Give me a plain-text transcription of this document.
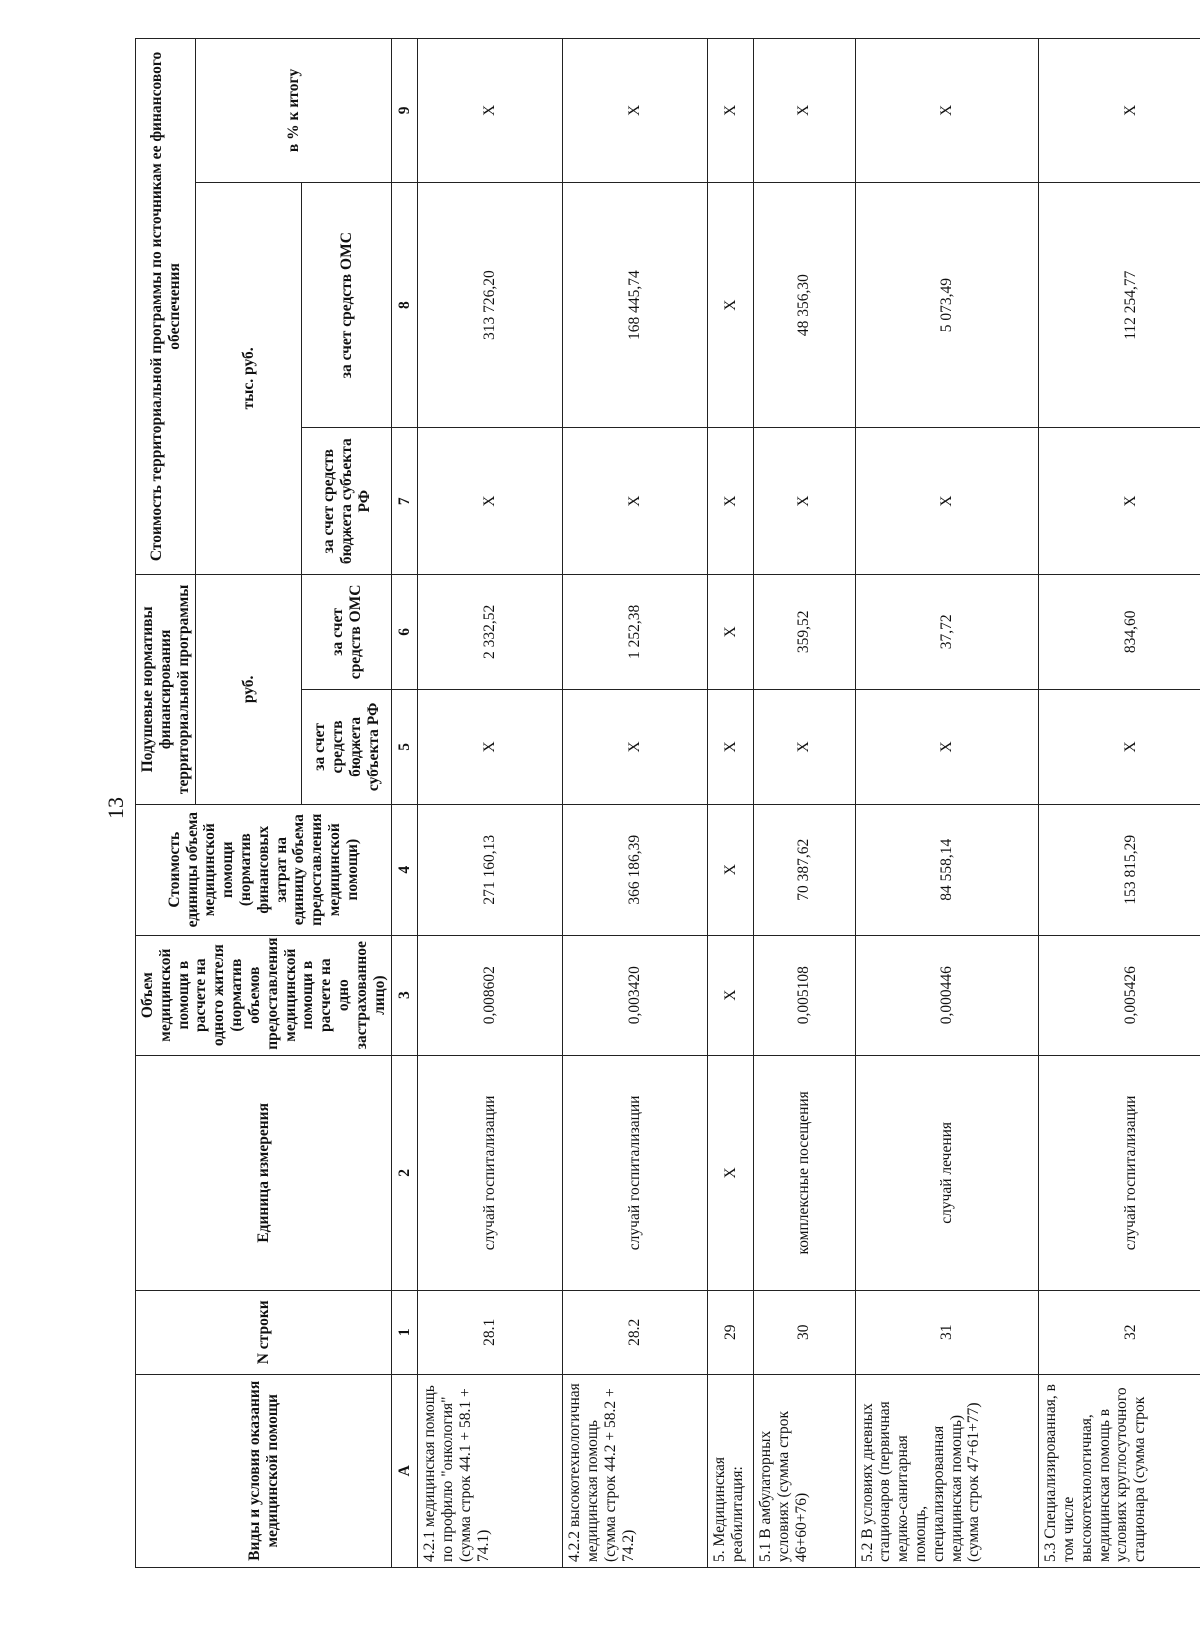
13
Виды и условия оказания медицинской помощи	N строки	Единица измерения	Объем медицинской помощи в расчете на одного жителя (норматив объемов предоставления медицинской помощи в расчете на одно застрахованное лицо)	Стоимость единицы объема медицинской помощи (норматив финансовых затрат на единицу объема предоставления медицинской помощи)	Подушевые нормативы финансирования территориальной программы		Стоимость территориальной программы по источникам ее финансового обеспечения		
					руб.		тыс. руб.		в % к итогу
					за счет средств бюджета субъекта РФ	за счет средств ОМС	за счет средств бюджета субъекта РФ	за счет средств ОМС	
А	1	2	3	4	5	6	7	8	9
4.2.1 медицинская помощь по профилю "онкология" (сумма строк 44.1 + 58.1 + 74.1)	28.1	случай госпитализации	0,008602	271 160,13	X	2 332,52	X	313 726,20	X
4.2.2 высокотехнологичная медицинская помощь (сумма строк 44.2 + 58.2 + 74.2)	28.2	случай госпитализации	0,003420	366 186,39	X	1 252,38	X	168 445,74	X
5. Медицинская реабилитация:	29	X	X	X	X	X	X	X	X
5.1 В амбулаторных условиях (сумма строк 46+60+76)	30	комплексные посещения	0,005108	70 387,62	X	359,52	X	48 356,30	X
5.2 В условиях дневных стационаров (первичная медико-санитарная помощь, специализированная медицинская помощь) (сумма строк 47+61+77)	31	случай лечения	0,000446	84 558,14	X	37,72	X	5 073,49	X
5.3 Специализированная, в том числе высокотехнологичная, медицинская помощь в условиях круглосуточного стационара (сумма строк	32	случай госпитализации	0,005426	153 815,29	X	834,60	X	112 254,77	X
